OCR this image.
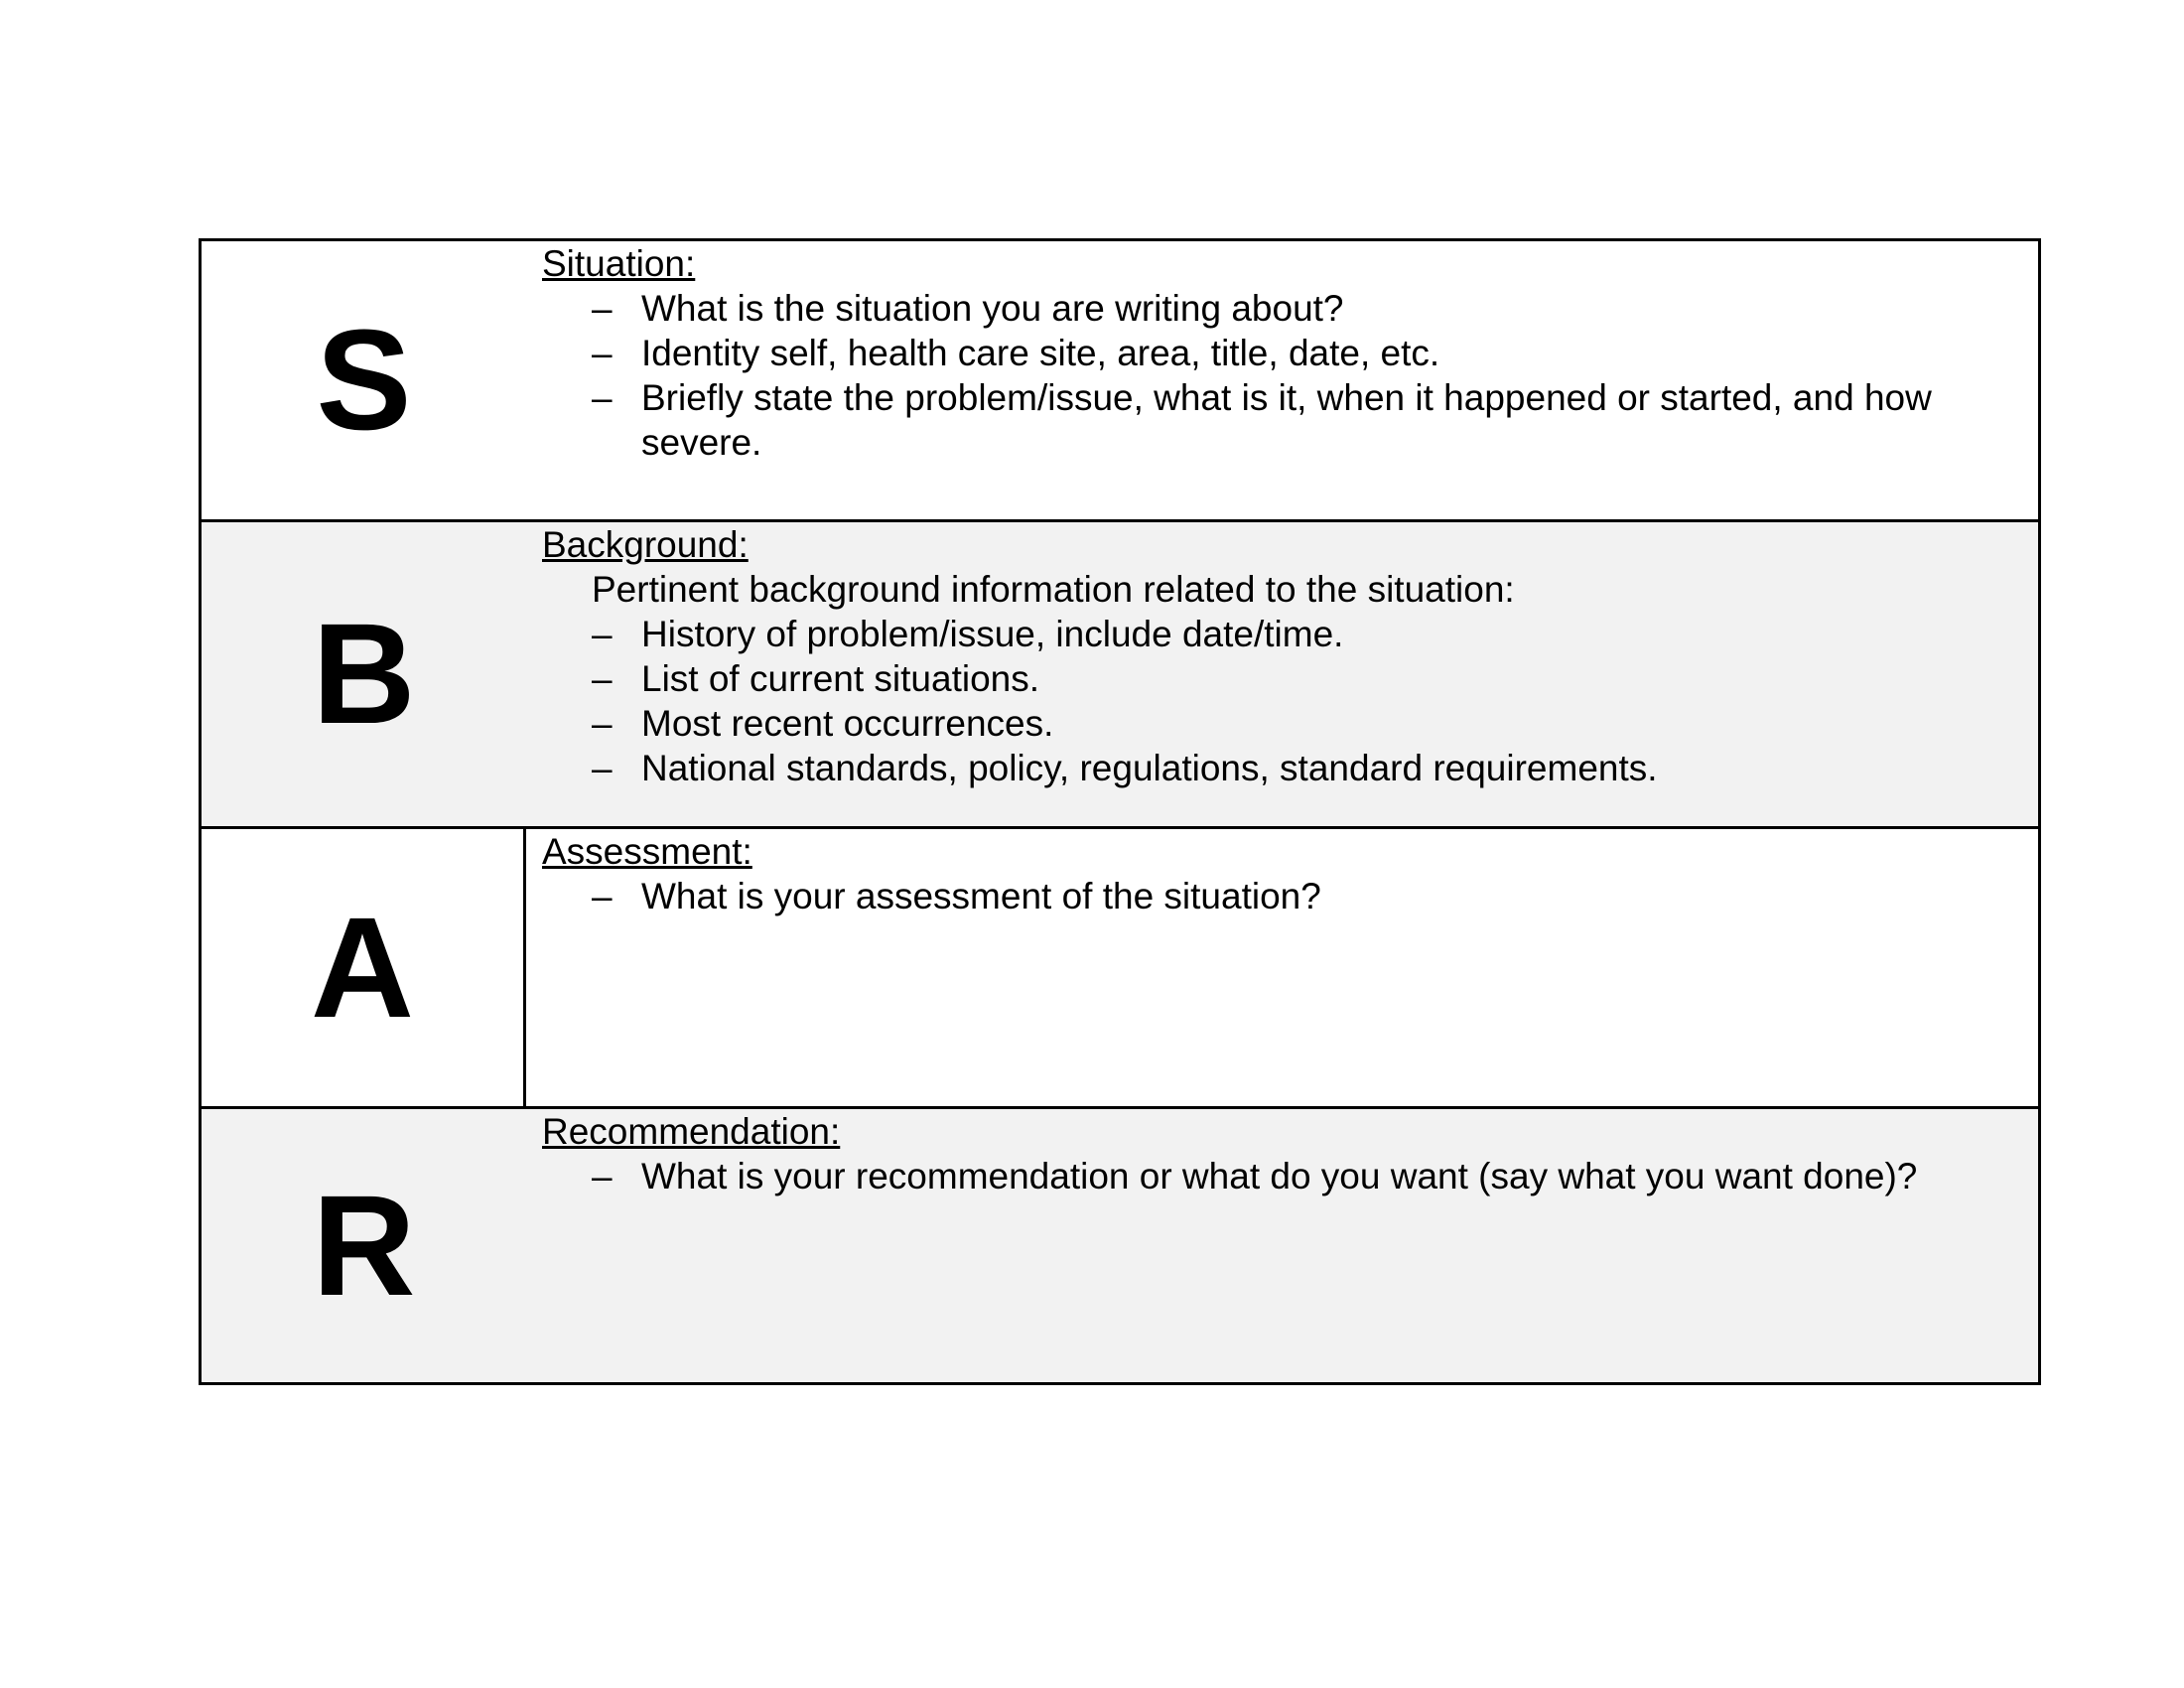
S
Situation:
– What is the situation you are writing about?
– Identity self, health care site, area, title, date, etc.
– Briefly state the problem/issue, what is it, when it happened or started, and how severe.
B
Background:
Pertinent background information related to the situation:
– History of problem/issue, include date/time.
– List of current situations.
– Most recent occurrences.
– National standards, policy, regulations, standard requirements.
A
Assessment:
– What is your assessment of the situation?
R
Recommendation:
– What is your recommendation or what do you want (say what you want done)?
